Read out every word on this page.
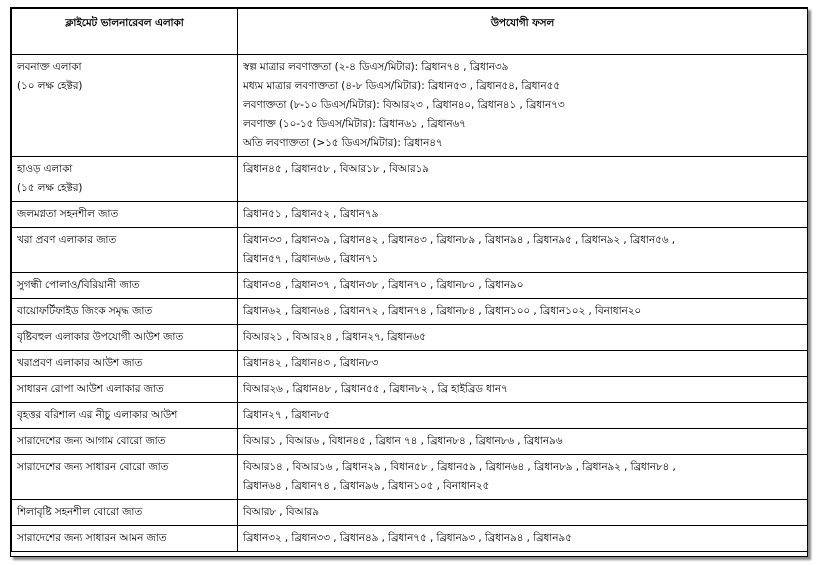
ক্লাইমেট ভালনারেবল এলাকা	উপযোগী ফসল

লবনাক্ত এলাকা
(১০ লক্ষ হেক্টর)	স্বল্প মাত্রার লবণাক্ততা (২-৪ ডিএস/মিটার): ব্রিধান৭৪ , ব্রিধান৩৯
মধ্যম মাত্রার লবণাক্ততা (৪-৮ ডিএস/মিটার): ব্রিধান৫৩ , ব্রিধান৫৪, ব্রিধান৫৫
লবণাক্ততা (৮-১০ ডিএস/মিটার): বিআর২৩ , ব্রিধান৪০, ব্রিধান৪১ , ব্রিধান৭৩
লবণাক্ত (১০-১৫ ডিএস/মিটার): ব্রিধান৬১ , ব্রিধান৬৭
অতি লবণাক্ততা (>১৫ ডিএস/মিটার): ব্রিধান৪৭

হাওড় এলাকা
(১৫ লক্ষ হেক্টর)	ব্রিধান৪৫ , ব্রিধান৫৮ , বিআর১৮ , বিআর১৯

জলমগ্নতা সহনশীল জাত	ব্রিধান৫১ , ব্রিধান৫২ , ব্রিধান৭৯

খরা প্রবণ এলাকার জাত	ব্রিধান৩৩ , ব্রিধান৩৯ , ব্রিধান৪২ , ব্রিধান৪৩ , ব্রিধান৮৯ , ব্রিধান৯৪ , ব্রিধান৯৫ , ব্রিধান৯২ , ব্রিধান৫৬ ,
ব্রিধান৫৭ , ব্রিধান৬৬ , ব্রিধান৭১

সুগন্ধী পোলাও/বিরিয়ানী জাত	ব্রিধান৩৪ , ব্রিধান৩৭ , ব্রিধান৩৮ , ব্রিধান৭০ , ব্রিধান৮০ , ব্রিধান৯০

বায়োফর্টিফাইড জিংক সমৃদ্ধ জাত	ব্রিধান৬২ , ব্রিধান৬৪ , ব্রিধান৭২ , ব্রিধান৭৪ , ব্রিধান৮৪ , ব্রিধান১০০ , ব্রিধান১০২ , বিনাধান২০

বৃষ্টিবহুল এলাকার উপযোগী আউশ জাত	বিআর২১ , বিআর২৪ , ব্রিধান২৭, ব্রিধান৬৫

খরাপ্রবণ এলাকার আউশ জাত	ব্রিধান৪২ , ব্রিধান৪৩ , ব্রিধান৮৩

সাধারন রোপা আউশ এলাকার জাত	বিআর২৬ , ব্রিধান৪৮ , ব্রিধান৫৫ , ব্রিধান৮২ , ব্রি হাইব্রিড ধান৭

বৃহত্তর বরিশাল এর নীচু এলাকার আউশ	ব্রিধান২৭ , ব্রিধান৮৫

সারাদেশের জন্য আগাম বোরো জাত	বিআর১ , বিআর৬ , বিধান৪৫ , ব্রিধান ৭৪ , ব্রিধান৮৪ , ব্রিধান৮৬ , ব্রিধান৯৬

সারাদেশের জন্য সাধারন বোরো জাত	বিআর১৪ , বিআর১৬ , ব্রিধান২৯ , বিধান৫৮ , ব্রিধান৫৯ , ব্রিধান৬৪ , ব্রিধান৮৯ , ব্রিধান৯২ , ব্রিধান৮৪ ,
ব্রিধান৬৪ , ব্রিধান৭৪ , ব্রিধান৯৬ , ব্রিধান১০৫ , বিনাধান২৫

শিলাবৃষ্টি সহনশীল বোরো জাত	বিআর৮ , বিআর৯

সারাদেশের জন্য সাধারন আমন জাত	ব্রিধান৩২ , ব্রিধান৩৩ , ব্রিধান৪৯ , ব্রিধান৭৫ , ব্রিধান৯৩ , ব্রিধান৯৪ , ব্রিধান৯৫
